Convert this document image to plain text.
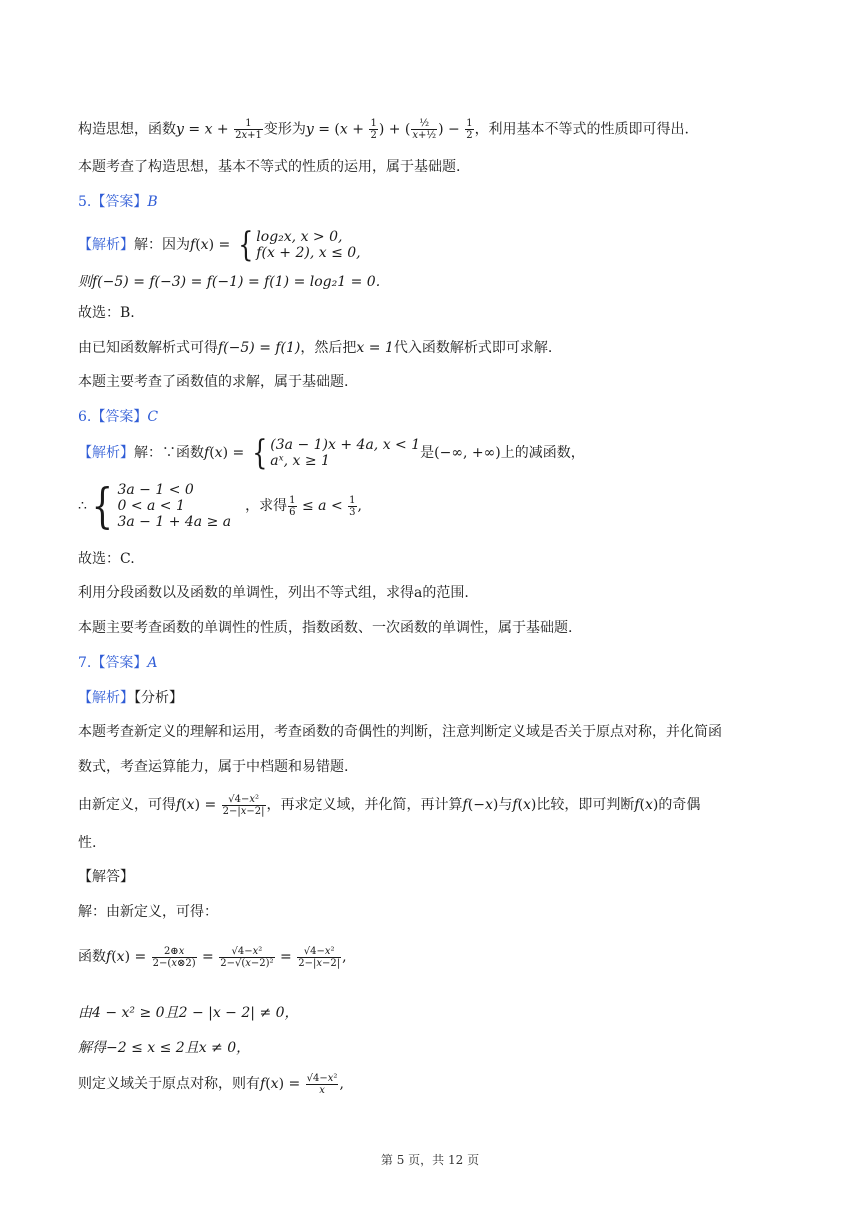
构造思想，函数$y = x + \frac{1}{2x+1}$ 变形为$y = (x + \frac{1}{2}$ ) + ( $\frac{\text{½}}{\text{x+½}}$ ) − $\frac{1}{2}$ ，利用基本不等式的性质即可得出.
本题考查了构造思想，基本不等式的性质的运用，属于基础题.
5.【答案】B
【解析】解：因为f(x) = { log₂x, x > 0,
f(x + 2), x ≤ 0,
则f(−5) = f(−3) = f(−1) = f(1) = log₂1 = 0.
故选：B.
由已知函数解析式可得f(−5) = f(1)，然后把x = 1代入函数解析式即可求解.
本题主要考查了函数值的求解，属于基础题.
6.【答案】C
【解析】解：∵函数f(x) = { (3a − 1)x + 4a, x < 1
aˣ, x ≥ 1	是(−∞, +∞)上的减函数，
∴{ 3a − 1 < 0
0 < a < 1
3a − 1 + 4a ≥ a
，求得 $\frac{1}{6} \le a < \frac{1}{3}$ ,
故选：C.
利用分段函数以及函数的单调性，列出不等式组，求得a的范围.
本题主要考查函数的单调性的性质，指数函数、一次函数的单调性，属于基础题.
7.【答案】A
【解析】【分析】
本题考查新定义的理解和运用，考查函数的奇偶性的判断，注意判断定义域是否关于原点对称，并化简函
数式，考查运算能力，属于中档题和易错题.
由新定义，可得$f(x) = \frac{\text{√4−x²}}{2-|x-2|}$ ，再求定义域，并化简，再计算f(−x)与f(x)比较，即可判断f(x)的奇偶
性.
【解答】
解：由新定义，可得：
函数$f(x) = \frac{2\oplus x}{2-(x\otimes 2)} = \frac{\text{√4−x²}}{\text{2−√(x−2)²}} = \frac{\text{√4−x²}}{2-|x-2|}$ ,
由4 − x² ≥ 0且2 − |x − 2| ≠ 0，
解得−2 ≤ x ≤ 2且x ≠ 0，
则定义域关于原点对称，则有$f(x) = \frac{\text{√4−x²}}{x}$ ,
第 5 页，共 12 页
